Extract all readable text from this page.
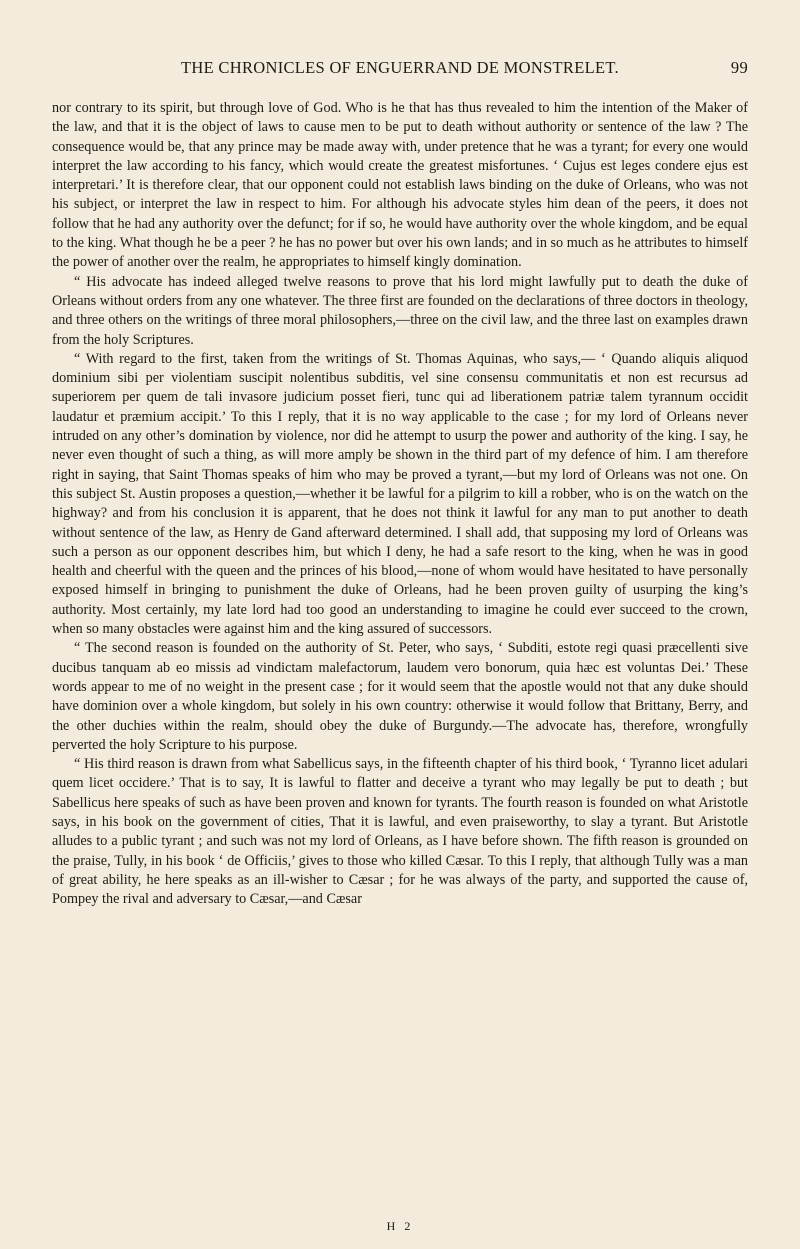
THE CHRONICLES OF ENGUERRAND DE MONSTRELET.	99

nor contrary to its spirit, but through love of God. Who is he that has thus revealed to him the intention of the Maker of the law, and that it is the object of laws to cause men to be put to death without authority or sentence of the law ? The consequence would be, that any prince may be made away with, under pretence that he was a tyrant; for every one would interpret the law according to his fancy, which would create the greatest misfortunes. ‘ Cujus est leges condere ejus est interpretari.’ It is therefore clear, that our opponent could not establish laws binding on the duke of Orleans, who was not his subject, or interpret the law in respect to him. For although his advocate styles him dean of the peers, it does not follow that he had any authority over the defunct; for if so, he would have authority over the whole kingdom, and be equal to the king. What though he be a peer ? he has no power but over his own lands; and in so much as he attributes to himself the power of another over the realm, he appropriates to himself kingly domination.

“ His advocate has indeed alleged twelve reasons to prove that his lord might lawfully put to death the duke of Orleans without orders from any one whatever. The three first are founded on the declarations of three doctors in theology, and three others on the writings of three moral philosophers,—three on the civil law, and the three last on examples drawn from the holy Scriptures.

“ With regard to the first, taken from the writings of St. Thomas Aquinas, who says,— ‘ Quando aliquis aliquod dominium sibi per violentiam suscipit nolentibus subditis, vel sine consensu communitatis et non est recursus ad superiorem per quem de tali invasore judicium posset fieri, tunc qui ad liberationem patriæ talem tyrannum occidit laudatur et præmium accipit.’ To this I reply, that it is no way applicable to the case ; for my lord of Orleans never intruded on any other’s domination by violence, nor did he attempt to usurp the power and authority of the king. I say, he never even thought of such a thing, as will more amply be shown in the third part of my defence of him. I am therefore right in saying, that Saint Thomas speaks of him who may be proved a tyrant,—but my lord of Orleans was not one. On this subject St. Austin proposes a question,—whether it be lawful for a pilgrim to kill a robber, who is on the watch on the highway? and from his conclusion it is apparent, that he does not think it lawful for any man to put another to death without sentence of the law, as Henry de Gand afterward determined. I shall add, that supposing my lord of Orleans was such a person as our opponent describes him, but which I deny, he had a safe resort to the king, when he was in good health and cheerful with the queen and the princes of his blood,—none of whom would have hesitated to have personally exposed himself in bringing to punishment the duke of Orleans, had he been proven guilty of usurping the king’s authority. Most certainly, my late lord had too good an understanding to imagine he could ever succeed to the crown, when so many obstacles were against him and the king assured of successors.

“ The second reason is founded on the authority of St. Peter, who says, ‘ Subditi, estote regi quasi præcellenti sive ducibus tanquam ab eo missis ad vindictam malefactorum, laudem vero bonorum, quia hæc est voluntas Dei.’ These words appear to me of no weight in the present case ; for it would seem that the apostle would not that any duke should have dominion over a whole kingdom, but solely in his own country: otherwise it would follow that Brittany, Berry, and the other duchies within the realm, should obey the duke of Burgundy.—The advocate has, therefore, wrongfully perverted the holy Scripture to his purpose.

“ His third reason is drawn from what Sabellicus says, in the fifteenth chapter of his third book, ‘ Tyranno licet adulari quem licet occidere.’ That is to say, It is lawful to flatter and deceive a tyrant who may legally be put to death ; but Sabellicus here speaks of such as have been proven and known for tyrants. The fourth reason is founded on what Aristotle says, in his book on the government of cities, That it is lawful, and even praiseworthy, to slay a tyrant. But Aristotle alludes to a public tyrant ; and such was not my lord of Orleans, as I have before shown. The fifth reason is grounded on the praise, Tully, in his book ‘ de Officiis,’ gives to those who killed Cæsar. To this I reply, that although Tully was a man of great ability, he here speaks as an ill-wisher to Cæsar ; for he was always of the party, and supported the cause of, Pompey the rival and adversary to Cæsar,—and Cæsar

H 2
